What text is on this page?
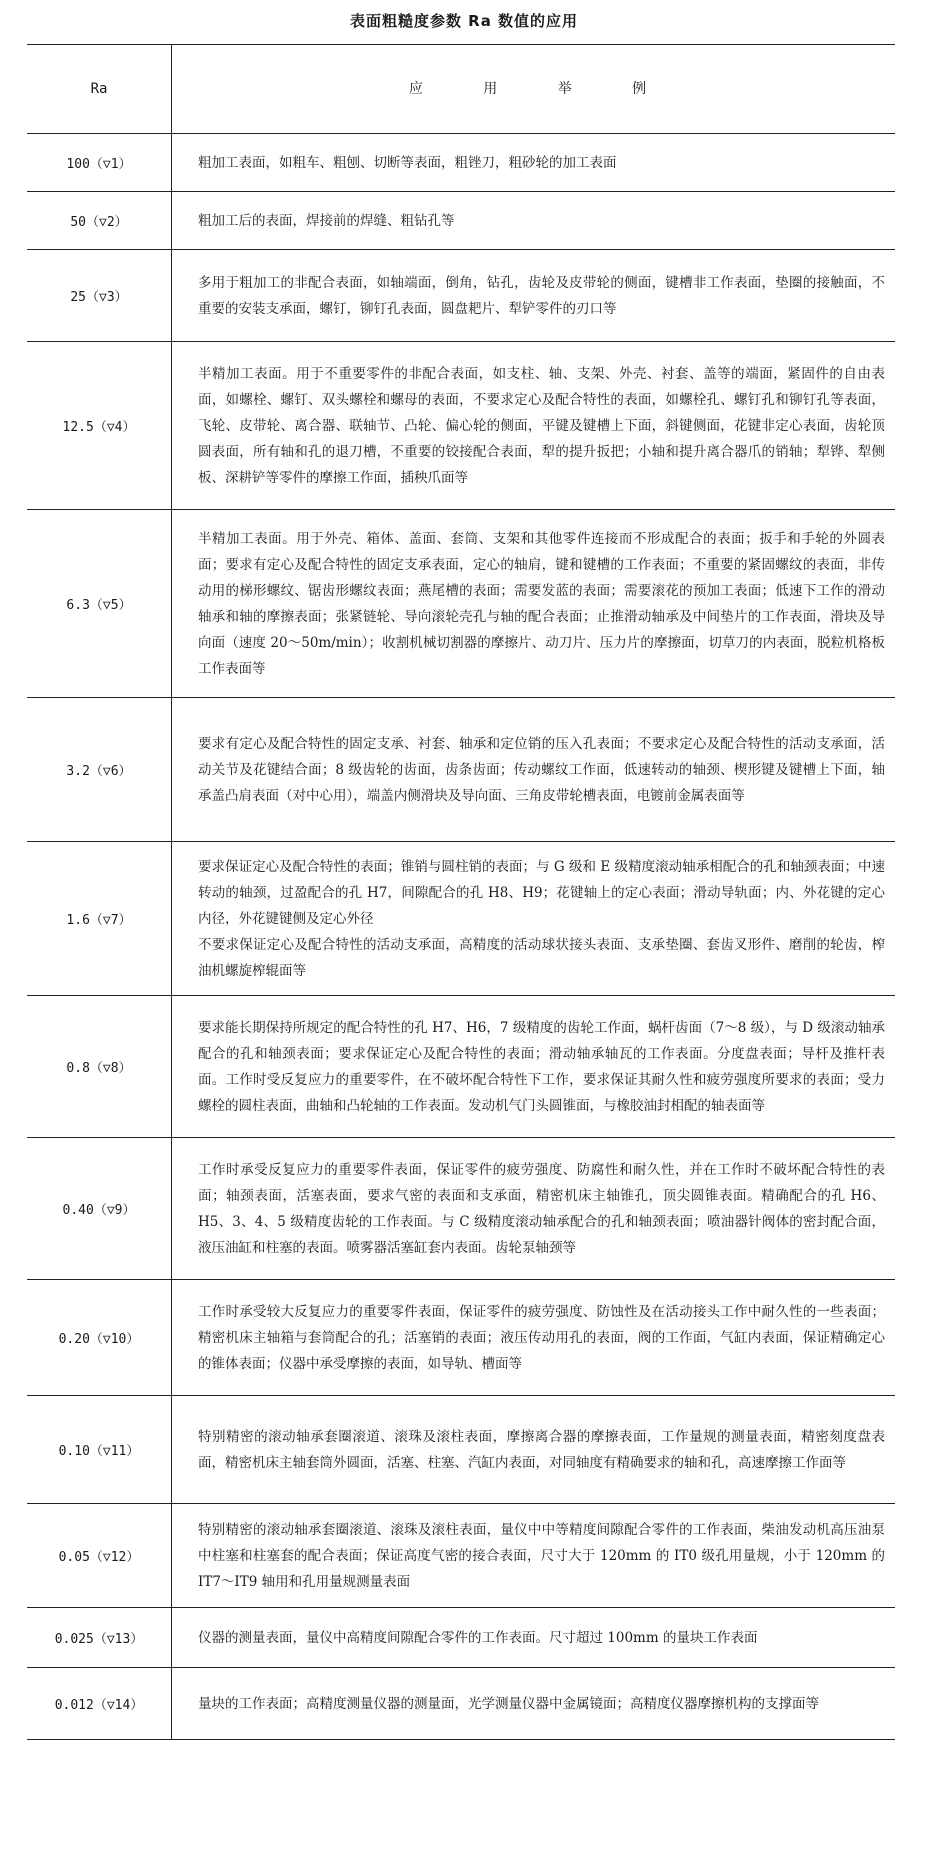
表面粗糙度参数 Ra 数值的应用
Ra	应 用 举 例
100（▽1）	粗加工表面，如粗车、粗刨、切断等表面，粗锉刀，粗砂轮的加工表面
50（▽2）	粗加工后的表面，焊接前的焊缝、粗钻孔等
25（▽3）	多用于粗加工的非配合表面，如轴端面，倒角，钻孔，齿轮及皮带轮的侧面，键槽非工作表面，垫圈的接触面，不重要的安装支承面，螺钉，铆钉孔表面，圆盘耙片、犁铲零件的刃口等
12.5（▽4）	半精加工表面。用于不重要零件的非配合表面，如支柱、轴、支架、外壳、衬套、盖等的端面，紧固件的自由表面，如螺栓、螺钉、双头螺栓和螺母的表面，不要求定心及配合特性的表面，如螺栓孔、螺钉孔和铆钉孔等表面，飞轮、皮带轮、离合器、联轴节、凸轮、偏心轮的侧面，平键及键槽上下面，斜键侧面，花键非定心表面，齿轮顶圆表面，所有轴和孔的退刀槽，不重要的铰接配合表面，犁的提升扳把；小轴和提升离合器爪的销轴；犁铧、犁侧板、深耕铲等零件的摩擦工作面，插秧爪面等
6.3（▽5）	半精加工表面。用于外壳、箱体、盖面、套筒、支架和其他零件连接而不形成配合的表面；扳手和手轮的外圆表面；要求有定心及配合特性的固定支承表面，定心的轴肩，键和键槽的工作表面；不重要的紧固螺纹的表面，非传动用的梯形螺纹、锯齿形螺纹表面；燕尾槽的表面；需要发蓝的表面；需要滚花的预加工表面；低速下工作的滑动轴承和轴的摩擦表面；张紧链轮、导向滚轮壳孔与轴的配合表面；止推滑动轴承及中间垫片的工作表面，滑块及导向面（速度 20～50m/min）；收割机械切割器的摩擦片、动刀片、压力片的摩擦面，切草刀的内表面，脱粒机格板工作表面等
3.2（▽6）	要求有定心及配合特性的固定支承、衬套、轴承和定位销的压入孔表面；不要求定心及配合特性的活动支承面，活动关节及花键结合面；8 级齿轮的齿面，齿条齿面；传动螺纹工作面，低速转动的轴颈、楔形键及键槽上下面，轴承盖凸肩表面（对中心用），端盖内侧滑块及导向面、三角皮带轮槽表面，电镀前金属表面等
1.6（▽7）	要求保证定心及配合特性的表面；锥销与圆柱销的表面；与 G 级和 E 级精度滚动轴承相配合的孔和轴颈表面；中速转动的轴颈，过盈配合的孔 H7，间隙配合的孔 H8、H9；花键轴上的定心表面；滑动导轨面；内、外花键的定心内径，外花键键侧及定心外径
不要求保证定心及配合特性的活动支承面，高精度的活动球状接头表面、支承垫圈、套齿叉形件、磨削的轮齿，榨油机螺旋榨辊面等

0.8（▽8）	要求能长期保持所规定的配合特性的孔 H7、H6，7 级精度的齿轮工作面，蜗杆齿面（7～8 级），与 D 级滚动轴承配合的孔和轴颈表面；要求保证定心及配合特性的表面；滑动轴承轴瓦的工作表面。分度盘表面；导杆及推杆表面。工作时受反复应力的重要零件，在不破坏配合特性下工作，要求保证其耐久性和疲劳强度所要求的表面；受力螺栓的圆柱表面，曲轴和凸轮轴的工作表面。发动机气门头圆锥面，与橡胶油封相配的轴表面等
0.40（▽9）	工作时承受反复应力的重要零件表面，保证零件的疲劳强度、防腐性和耐久性，并在工作时不破坏配合特性的表面；轴颈表面，活塞表面，要求气密的表面和支承面，精密机床主轴锥孔，顶尖圆锥表面。精确配合的孔 H6、H5、3、4、5 级精度齿轮的工作表面。与 C 级精度滚动轴承配合的孔和轴颈表面；喷油器针阀体的密封配合面，液压油缸和柱塞的表面。喷雾器活塞缸套内表面。齿轮泵轴颈等
0.20（▽10）	工作时承受较大反复应力的重要零件表面，保证零件的疲劳强度、防蚀性及在活动接头工作中耐久性的一些表面；精密机床主轴箱与套筒配合的孔；活塞销的表面；液压传动用孔的表面，阀的工作面，气缸内表面，保证精确定心的锥体表面；仪器中承受摩擦的表面，如导轨、槽面等
0.10（▽11）	特别精密的滚动轴承套圈滚道、滚珠及滚柱表面，摩擦离合器的摩擦表面，工作量规的测量表面，精密刻度盘表面，精密机床主轴套筒外圆面，活塞、柱塞、汽缸内表面，对同轴度有精确要求的轴和孔，高速摩擦工作面等
0.05（▽12）	特别精密的滚动轴承套圈滚道、滚珠及滚柱表面，量仪中中等精度间隙配合零件的工作表面，柴油发动机高压油泵中柱塞和柱塞套的配合表面；保证高度气密的接合表面，尺寸大于 120mm 的 IT0 级孔用量规，小于 120mm 的 IT7～IT9 轴用和孔用量规测量表面
0.025（▽13）	仪器的测量表面，量仪中高精度间隙配合零件的工作表面。尺寸超过 100mm 的量块工作表面
0.012（▽14）	量块的工作表面；高精度测量仪器的测量面，光学测量仪器中金属镜面；高精度仪器摩擦机构的支撑面等
